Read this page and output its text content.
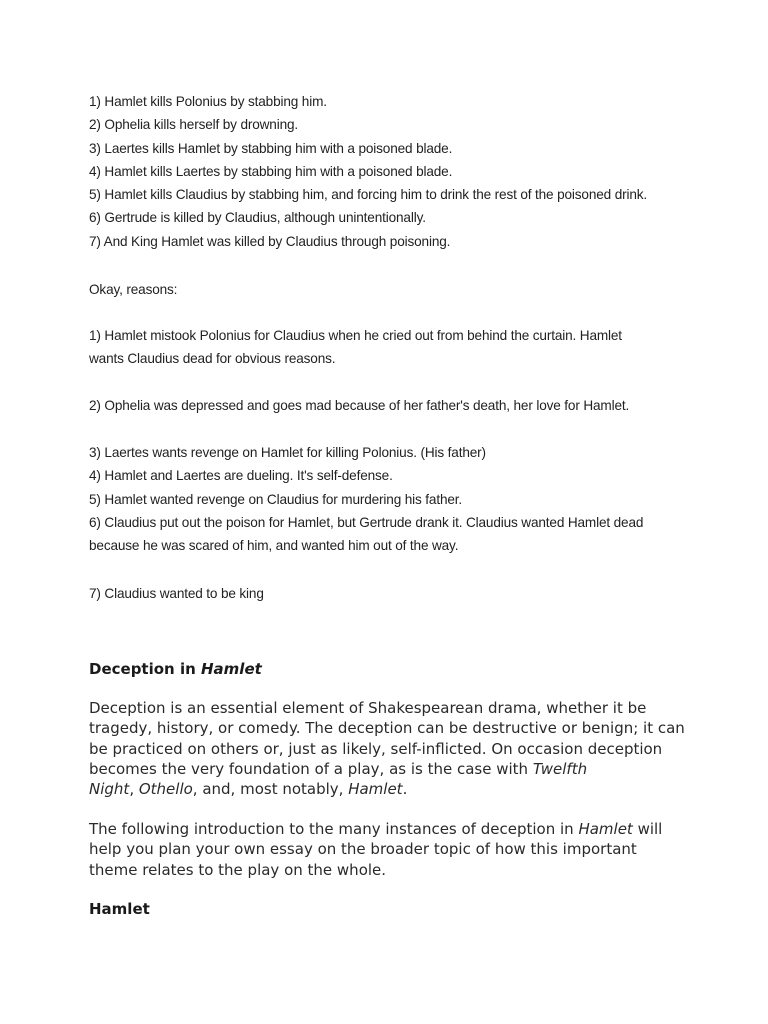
1) Hamlet kills Polonius by stabbing him.

2) Ophelia kills herself by drowning.

3) Laertes kills Hamlet by stabbing him with a poisoned blade.

4) Hamlet kills Laertes by stabbing him with a poisoned blade.

5) Hamlet kills Claudius by stabbing him, and forcing him to drink the rest of the poisoned drink.

6) Gertrude is killed by Claudius, although unintentionally.

7) And King Hamlet was killed by Claudius through poisoning.

Okay, reasons:

1) Hamlet mistook Polonius for Claudius when he cried out from behind the curtain. Hamlet

wants Claudius dead for obvious reasons.

2) Ophelia was depressed and goes mad because of her father's death, her love for Hamlet.

3) Laertes wants revenge on Hamlet for killing Polonius. (His father)

4) Hamlet and Laertes are dueling. It's self-defense.

5) Hamlet wanted revenge on Claudius for murdering his father.

6) Claudius put out the poison for Hamlet, but Gertrude drank it. Claudius wanted Hamlet dead

because he was scared of him, and wanted him out of the way.

7) Claudius wanted to be king

Deception in Hamlet

Deception is an essential element of Shakespearean drama, whether it be
tragedy, history, or comedy. The deception can be destructive or benign; it can
be practiced on others or, just as likely, self-inflicted. On occasion deception
becomes the very foundation of a play, as is the case with Twelfth
Night, Othello, and, most notably, Hamlet.

The following introduction to the many instances of deception in Hamlet will
help you plan your own essay on the broader topic of how this important
theme relates to the play on the whole.

Hamlet
